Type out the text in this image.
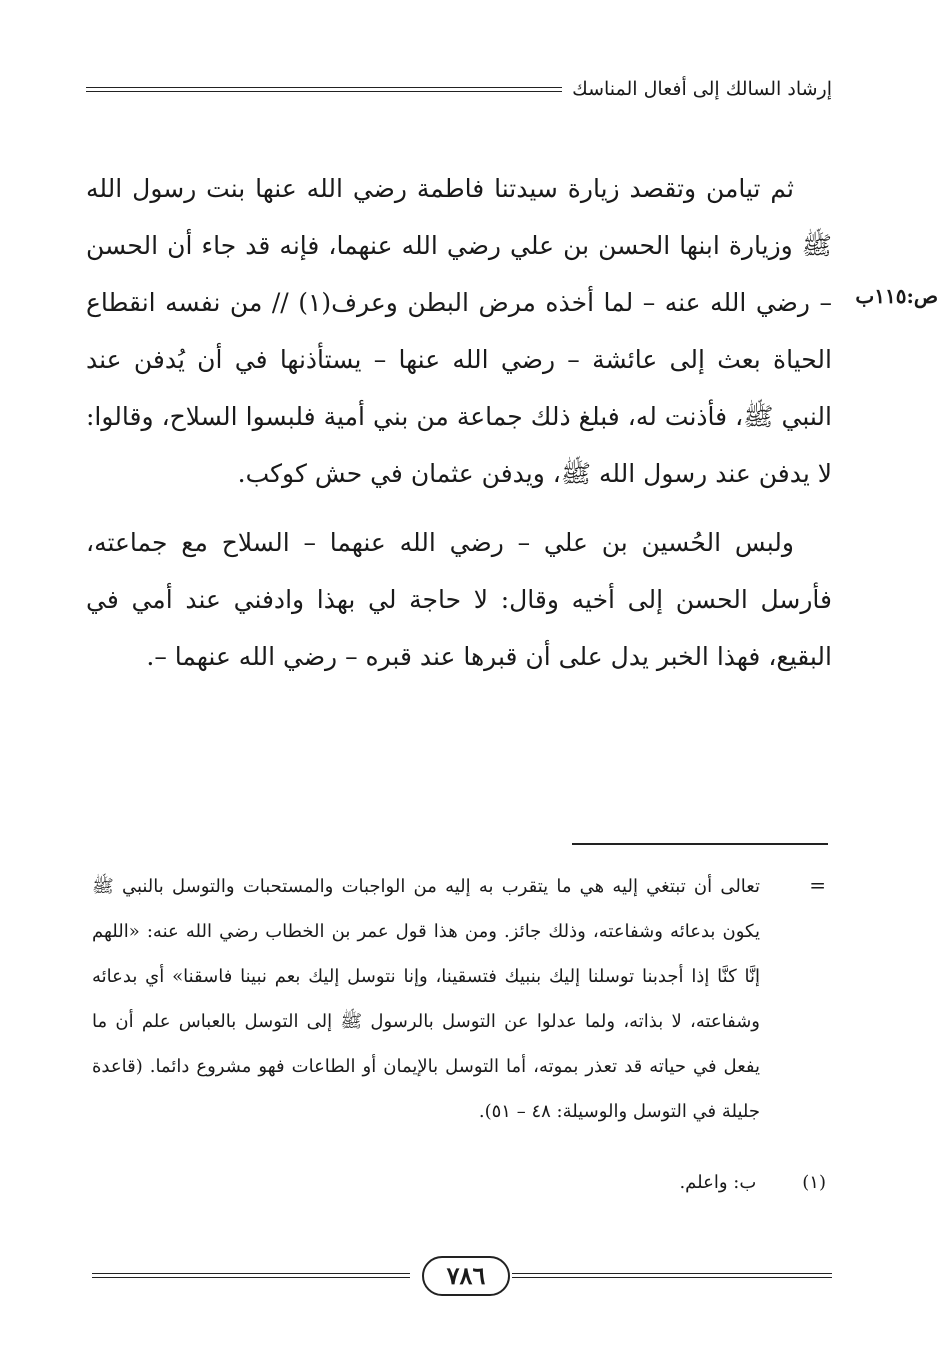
إرشاد السالك إلى أفعال المناسك
ص:١١٥ب

ثم تيامن وتقصد زيارة سيدتنا فاطمة رضي الله عنها بنت رسول الله ﷺ وزيارة ابنها الحسن بن علي رضي الله عنهما، فإنه قد جاء أن الحسن – رضي الله عنه – لما أخذه مرض البطن وعرف(١) // من نفسه انقطاع الحياة بعث إلى عائشة – رضي الله عنها – يستأذنها في أن يُدفن عند النبي ﷺ، فأذنت له، فبلغ ذلك جماعة من بني أمية فلبسوا السلاح، وقالوا: لا يدفن عند رسول الله ﷺ، ويدفن عثمان في حش كوكب.

ولبس الحُسين بن علي – رضي الله عنهما – السلاح مع جماعته، فأرسل الحسن إلى أخيه وقال: لا حاجة لي بهذا وادفني عند أمي في البقيع، فهذا الخبر يدل على أن قبرها عند قبره – رضي الله عنهما –.

=

تعالى أن تبتغي إليه هي ما يتقرب به إليه من الواجبات والمستحبات والتوسل بالنبي ﷺ يكون بدعائه وشفاعته، وذلك جائز. ومن هذا قول عمر بن الخطاب رضي الله عنه: «اللهم إنَّا كنَّا إذا أجدبنا توسلنا إليك بنبيك فتسقينا، وإنا نتوسل إليك بعم نبينا فاسقنا» أي بدعائه وشفاعته، لا بذاته، ولما عدلوا عن التوسل بالرسول ﷺ إلى التوسل بالعباس علم أن ما يفعل في حياته قد تعذر بموته، أما التوسل بالإيمان أو الطاعات فهو مشروع دائما. (قاعدة جليلة في التوسل والوسيلة: ٤٨ – ٥١).

(١) ب: واعلم.
٧٨٦
